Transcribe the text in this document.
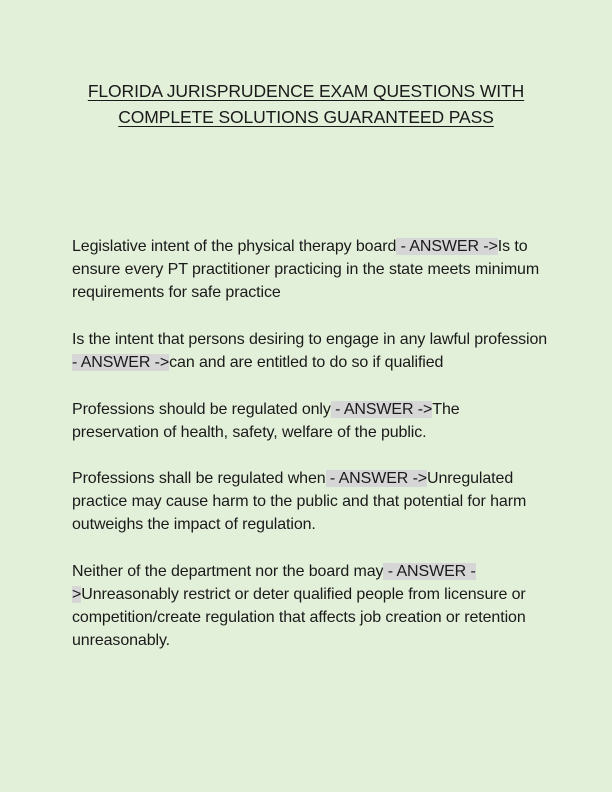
FLORIDA JURISPRUDENCE EXAM QUESTIONS WITH
COMPLETE SOLUTIONS GUARANTEED PASS

Legislative intent of the physical therapy board - ANSWER ->Is to ensure every PT practitioner practicing in the state meets minimum requirements for safe practice

Is the intent that persons desiring to engage in any lawful profession - ANSWER ->can and are entitled to do so if qualified

Professions should be regulated only - ANSWER ->The preservation of health, safety, welfare of the public.

Professions shall be regulated when - ANSWER ->Unregulated practice may cause harm to the public and that potential for harm outweighs the impact of regulation.

Neither of the department nor the board may - ANSWER ->Unreasonably restrict or deter qualified people from licensure or competition/create regulation that affects job creation or retention unreasonably.
